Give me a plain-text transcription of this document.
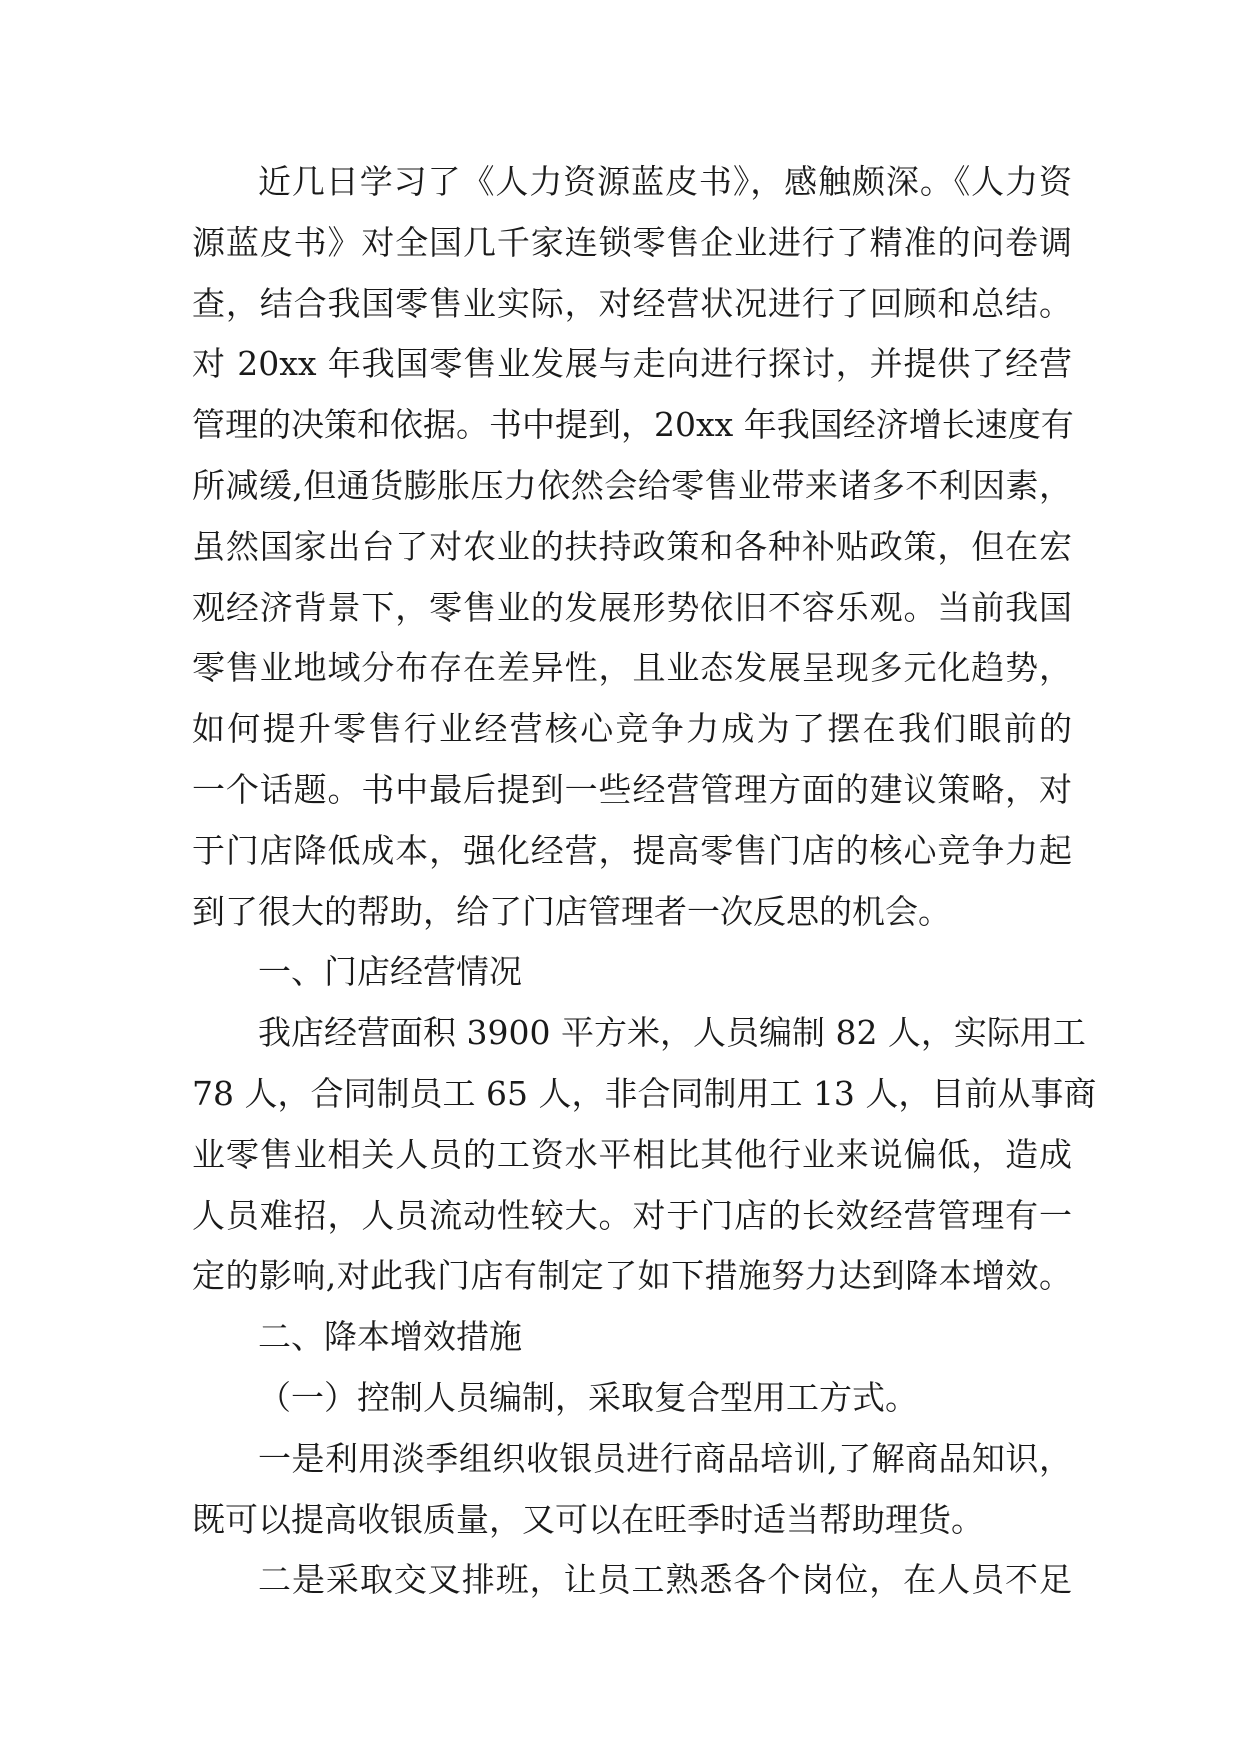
近几日学习了《人力资源蓝皮书》，感触颇深。《人力资
源蓝皮书》对全国几千家连锁零售企业进行了精准的问卷调
查，结合我国零售业实际，对经营状况进行了回顾和总结。
对 20xx 年我国零售业发展与走向进行探讨，并提供了经营
管理的决策和依据。书中提到，20xx 年我国经济增长速度有
所减缓,但通货膨胀压力依然会给零售业带来诸多不利因素，
虽然国家出台了对农业的扶持政策和各种补贴政策，但在宏
观经济背景下，零售业的发展形势依旧不容乐观。当前我国
零售业地域分布存在差异性，且业态发展呈现多元化趋势，
如何提升零售行业经营核心竞争力成为了摆在我们眼前的
一个话题。书中最后提到一些经营管理方面的建议策略，对
于门店降低成本，强化经营，提高零售门店的核心竞争力起
到了很大的帮助，给了门店管理者一次反思的机会。
一、门店经营情况
我店经营面积 3900 平方米，人员编制 82 人，实际用工
78 人，合同制员工 65 人，非合同制用工 13 人，目前从事商
业零售业相关人员的工资水平相比其他行业来说偏低，造成
人员难招，人员流动性较大。对于门店的长效经营管理有一
定的影响,对此我门店有制定了如下措施努力达到降本增效。
二、降本增效措施
（一）控制人员编制，采取复合型用工方式。
一是利用淡季组织收银员进行商品培训,了解商品知识，
既可以提高收银质量，又可以在旺季时适当帮助理货。
二是采取交叉排班，让员工熟悉各个岗位，在人员不足
